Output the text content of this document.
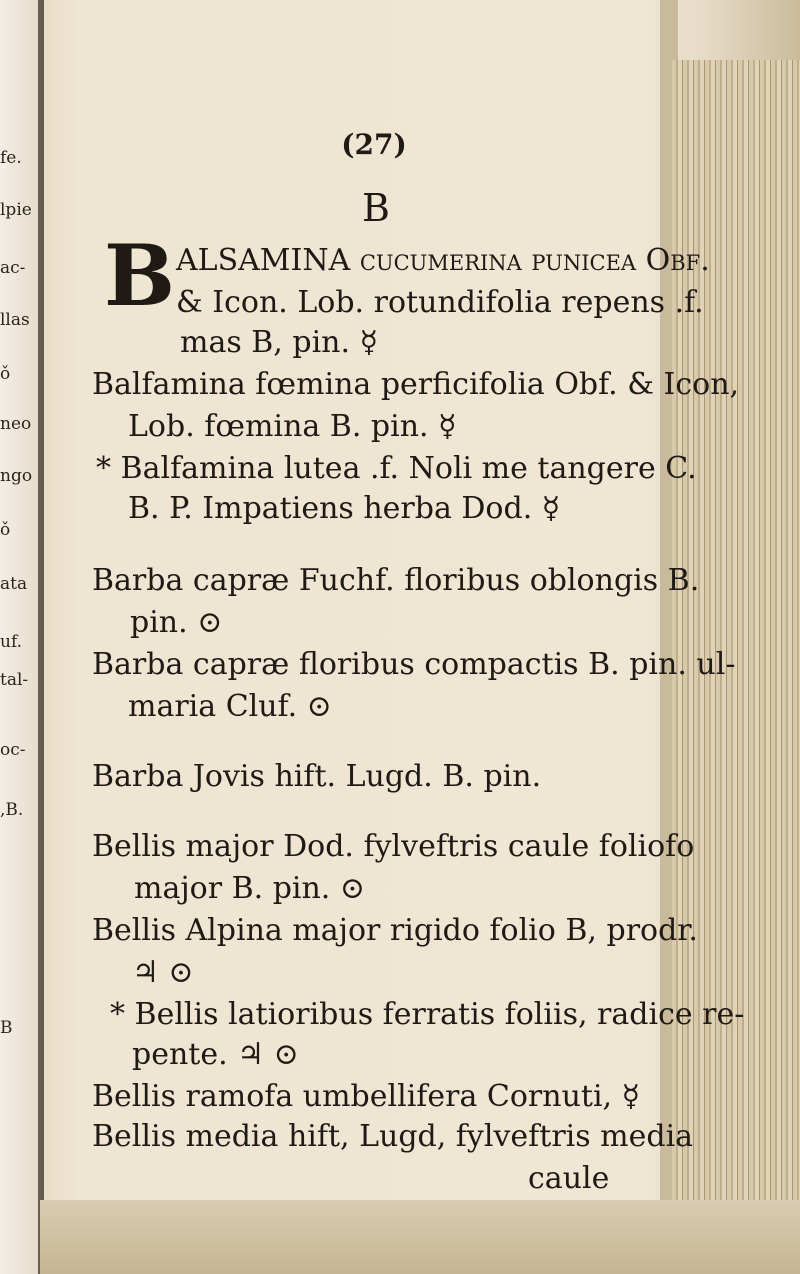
fe.
lpie
ac-
llas
ǒ
neo
ngo
ǒ
ata
uf.
tal-
oc-
,B.
B
(27)
B
B ALSAMINA cucumerina punicea Obf.
& Icon. Lob. rotundifolia repens .f.
mas B, pin. ☿
Balfamina fœmina perficifolia Obf. & Icon,
Lob. fœmina B. pin. ☿
* Balfamina lutea .f. Noli me tangere C.
B. P. Impatiens herba Dod. ☿
Barba capræ Fuchf. floribus oblongis B.
pin. ⊙
Barba capræ floribus compactis B. pin. ul-
maria Cluf. ⊙
Barba Jovis hift. Lugd. B. pin.
Bellis major Dod. fylveftris caule foliofo
major B. pin. ⊙
Bellis Alpina major rigido folio B, prodr.
♃ ⊙
* Bellis latioribus ferratis foliis, radice re-
pente. ♃ ⊙
Bellis ramofa umbellifera Cornuti, ☿
Bellis media hift, Lugd, fylveftris media
caule
